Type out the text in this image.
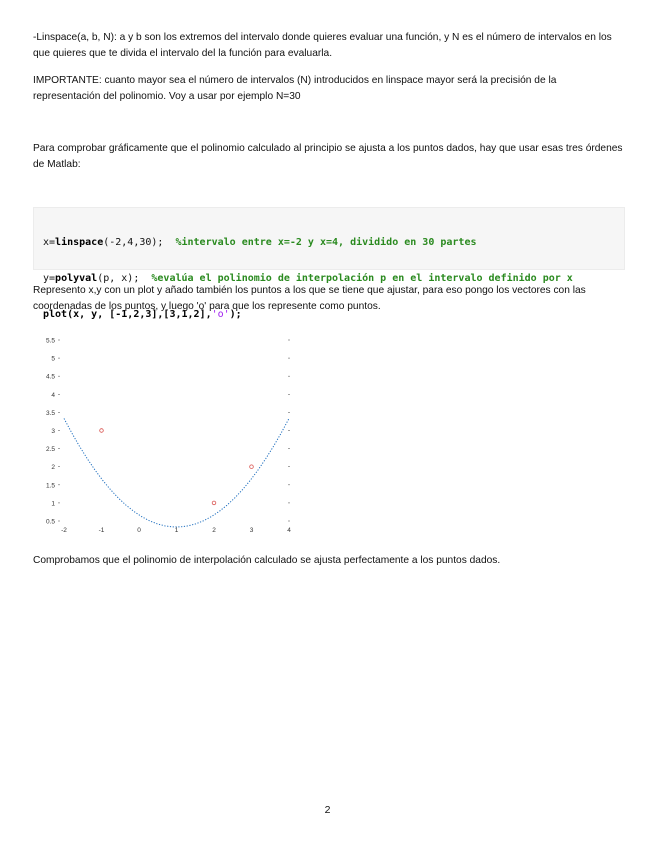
-Linspace(a, b, N): a y b son los extremos del intervalo donde quieres evaluar una función, y N es el número de intervalos en los que quieres que te divida el intervalo del la función para evaluarla.

IMPORTANTE: cuanto mayor sea el número de intervalos (N) introducidos en linspace mayor será la precisión de la representación del polinomio. Voy a usar por ejemplo N=30

Para comprobar gráficamente que el polinomio calculado al principio se ajusta a los puntos dados, hay que usar esas tres órdenes de Matlab:

x=linspace(-2,4,30);  %intervalo entre x=-2 y x=4, dividido en 30 partes

y=polyval(p, x);  %evalúa el polinomio de interpolación p en el intervalo definido por x

plot(x, y, [-1,2,3],[3,1,2],'o');

Represento x,y con un plot y añado también los puntos a los que se tiene que ajustar, para eso pongo los vectores con las coordenadas de los puntos, y luego 'o' para que los represente como puntos.

0.5
1
1.5
2
2.5
3
3.5
4
4.5
5
5.5
-2	-1	0	1	2	3	4

Comprobamos que el polinomio de interpolación calculado se ajusta perfectamente a los puntos dados.

2
